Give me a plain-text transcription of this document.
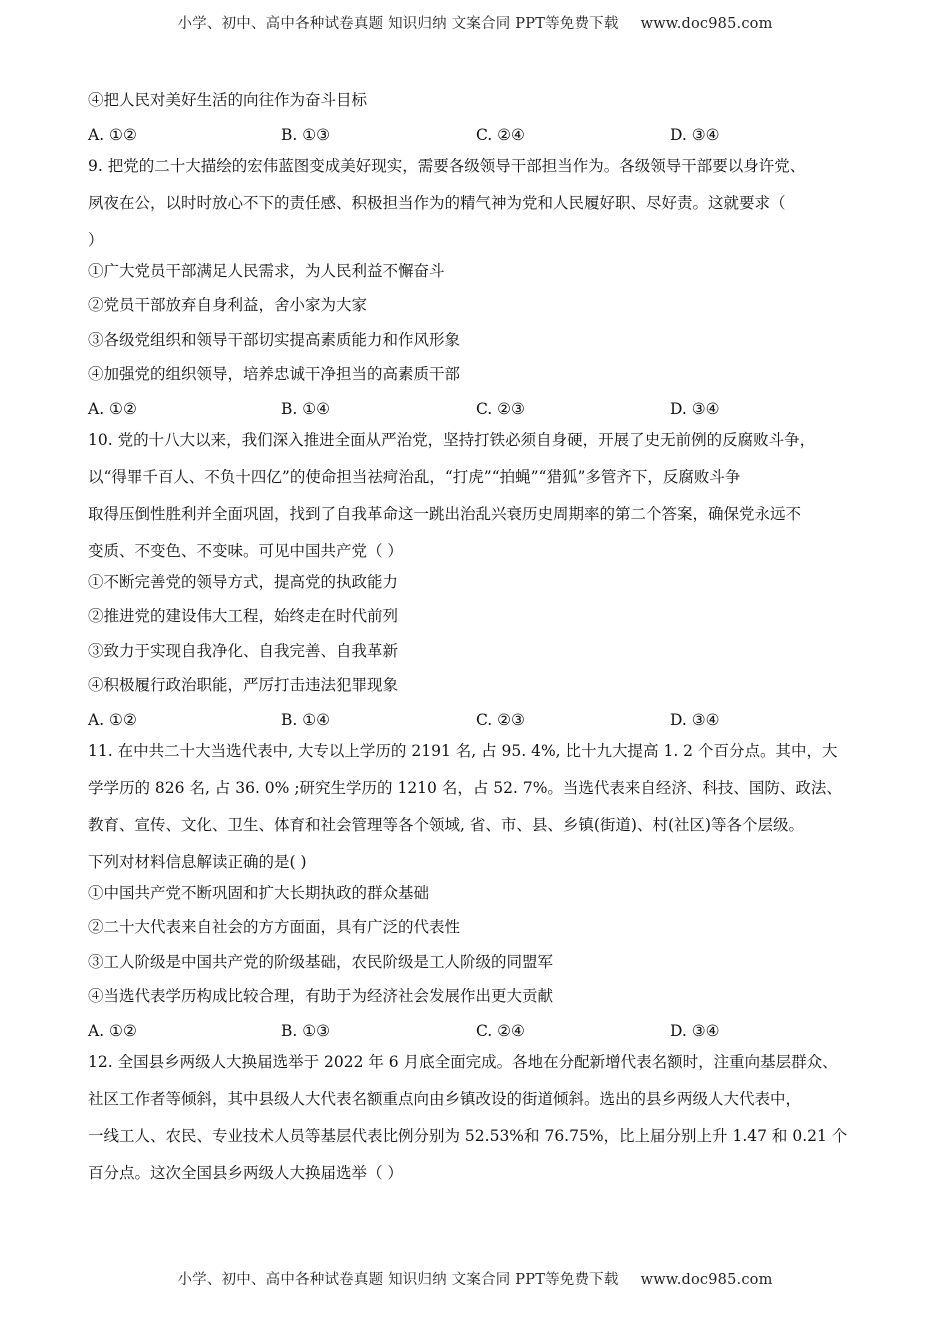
小学、初中、高中各种试卷真题 知识归纳 文案合同 PPT等免费下载 www.doc985.com
④把人民对美好生活的向往作为奋斗目标
A. ①②	B. ①③	C. ②④	D. ③④
9. 把党的二十大描绘的宏伟蓝图变成美好现实，需要各级领导干部担当作为。各级领导干部要以身许党、
夙夜在公，以时时放心不下的责任感、积极担当作为的精气神为党和人民履好职、尽好责。这就要求（
）
①广大党员干部满足人民需求，为人民利益不懈奋斗
②党员干部放弃自身利益，舍小家为大家
③各级党组织和领导干部切实提高素质能力和作风形象
④加强党的组织领导，培养忠诚干净担当的高素质干部
A. ①②	B. ①④	C. ②③	D. ③④
10. 党的十八大以来，我们深入推进全面从严治党，坚持打铁必须自身硬，开展了史无前例的反腐败斗争，
以“得罪千百人、不负十四亿”的使命担当祛疴治乱，“打虎”“拍蝇”“猎狐”多管齐下，反腐败斗争
取得压倒性胜利并全面巩固，找到了自我革命这一跳出治乱兴衰历史周期率的第二个答案，确保党永远不
变质、不变色、不变味。可见中国共产党（ ）
①不断完善党的领导方式，提高党的执政能力
②推进党的建设伟大工程，始终走在时代前列
③致力于实现自我净化、自我完善、自我革新
④积极履行政治职能，严厉打击违法犯罪现象
A. ①②	B. ①④	C. ②③	D. ③④
11. 在中共二十大当选代表中, 大专以上学历的 2191 名, 占 95. 4%, 比十九大提高 1. 2 个百分点。其中，大
学学历的 826 名, 占 36. 0% ;研究生学历的 1210 名，占 52. 7%。当选代表来自经济、科技、国防、政法、
教育、宣传、文化、卫生、体育和社会管理等各个领域, 省、市、县、乡镇(街道)、村(社区)等各个层级。
下列对材料信息解读正确的是( )
①中国共产党不断巩固和扩大长期执政的群众基础
②二十大代表来自社会的方方面面，具有广泛的代表性
③工人阶级是中国共产党的阶级基础，农民阶级是工人阶级的同盟军
④当选代表学历构成比较合理，有助于为经济社会发展作出更大贡献
A. ①②	B. ①③	C. ②④	D. ③④
12. 全国县乡两级人大换届选举于 2022 年 6 月底全面完成。各地在分配新增代表名额时，注重向基层群众、
社区工作者等倾斜，其中县级人大代表名额重点向由乡镇改设的街道倾斜。选出的县乡两级人大代表中，
一线工人、农民、专业技术人员等基层代表比例分别为 52.53%和 76.75%，比上届分别上升 1.47 和 0.21 个
百分点。这次全国县乡两级人大换届选举（ ）
小学、初中、高中各种试卷真题 知识归纳 文案合同 PPT等免费下载 www.doc985.com
